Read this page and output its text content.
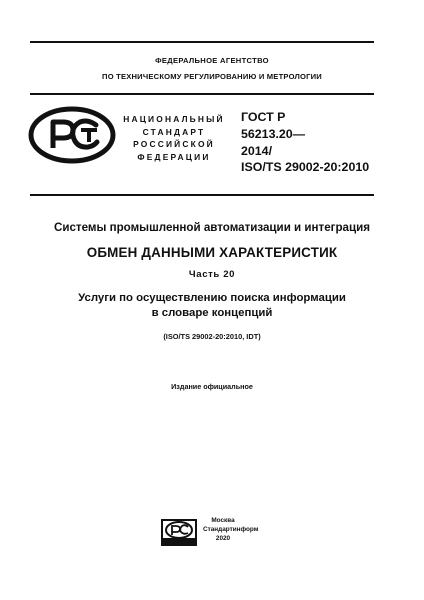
ФЕДЕРАЛЬНОЕ АГЕНТСТВО
ПО ТЕХНИЧЕСКОМУ РЕГУЛИРОВАНИЮ И МЕТРОЛОГИИ
НАЦИОНАЛЬНЫЙ
СТАНДАРТ
РОССИЙСКОЙ
ФЕДЕРАЦИИ
ГОСТ Р
56213.20—
2014/
ISO/TS 29002-20:2010
Системы промышленной автоматизации и интеграция
ОБМЕН ДАННЫМИ ХАРАКТЕРИСТИК
Часть 20
Услуги по осуществлению поиска информации
в словаре концепций
(ISO/TS 29002-20:2010, IDT)
Издание официальное
Москва
Стандартинформ
2020
